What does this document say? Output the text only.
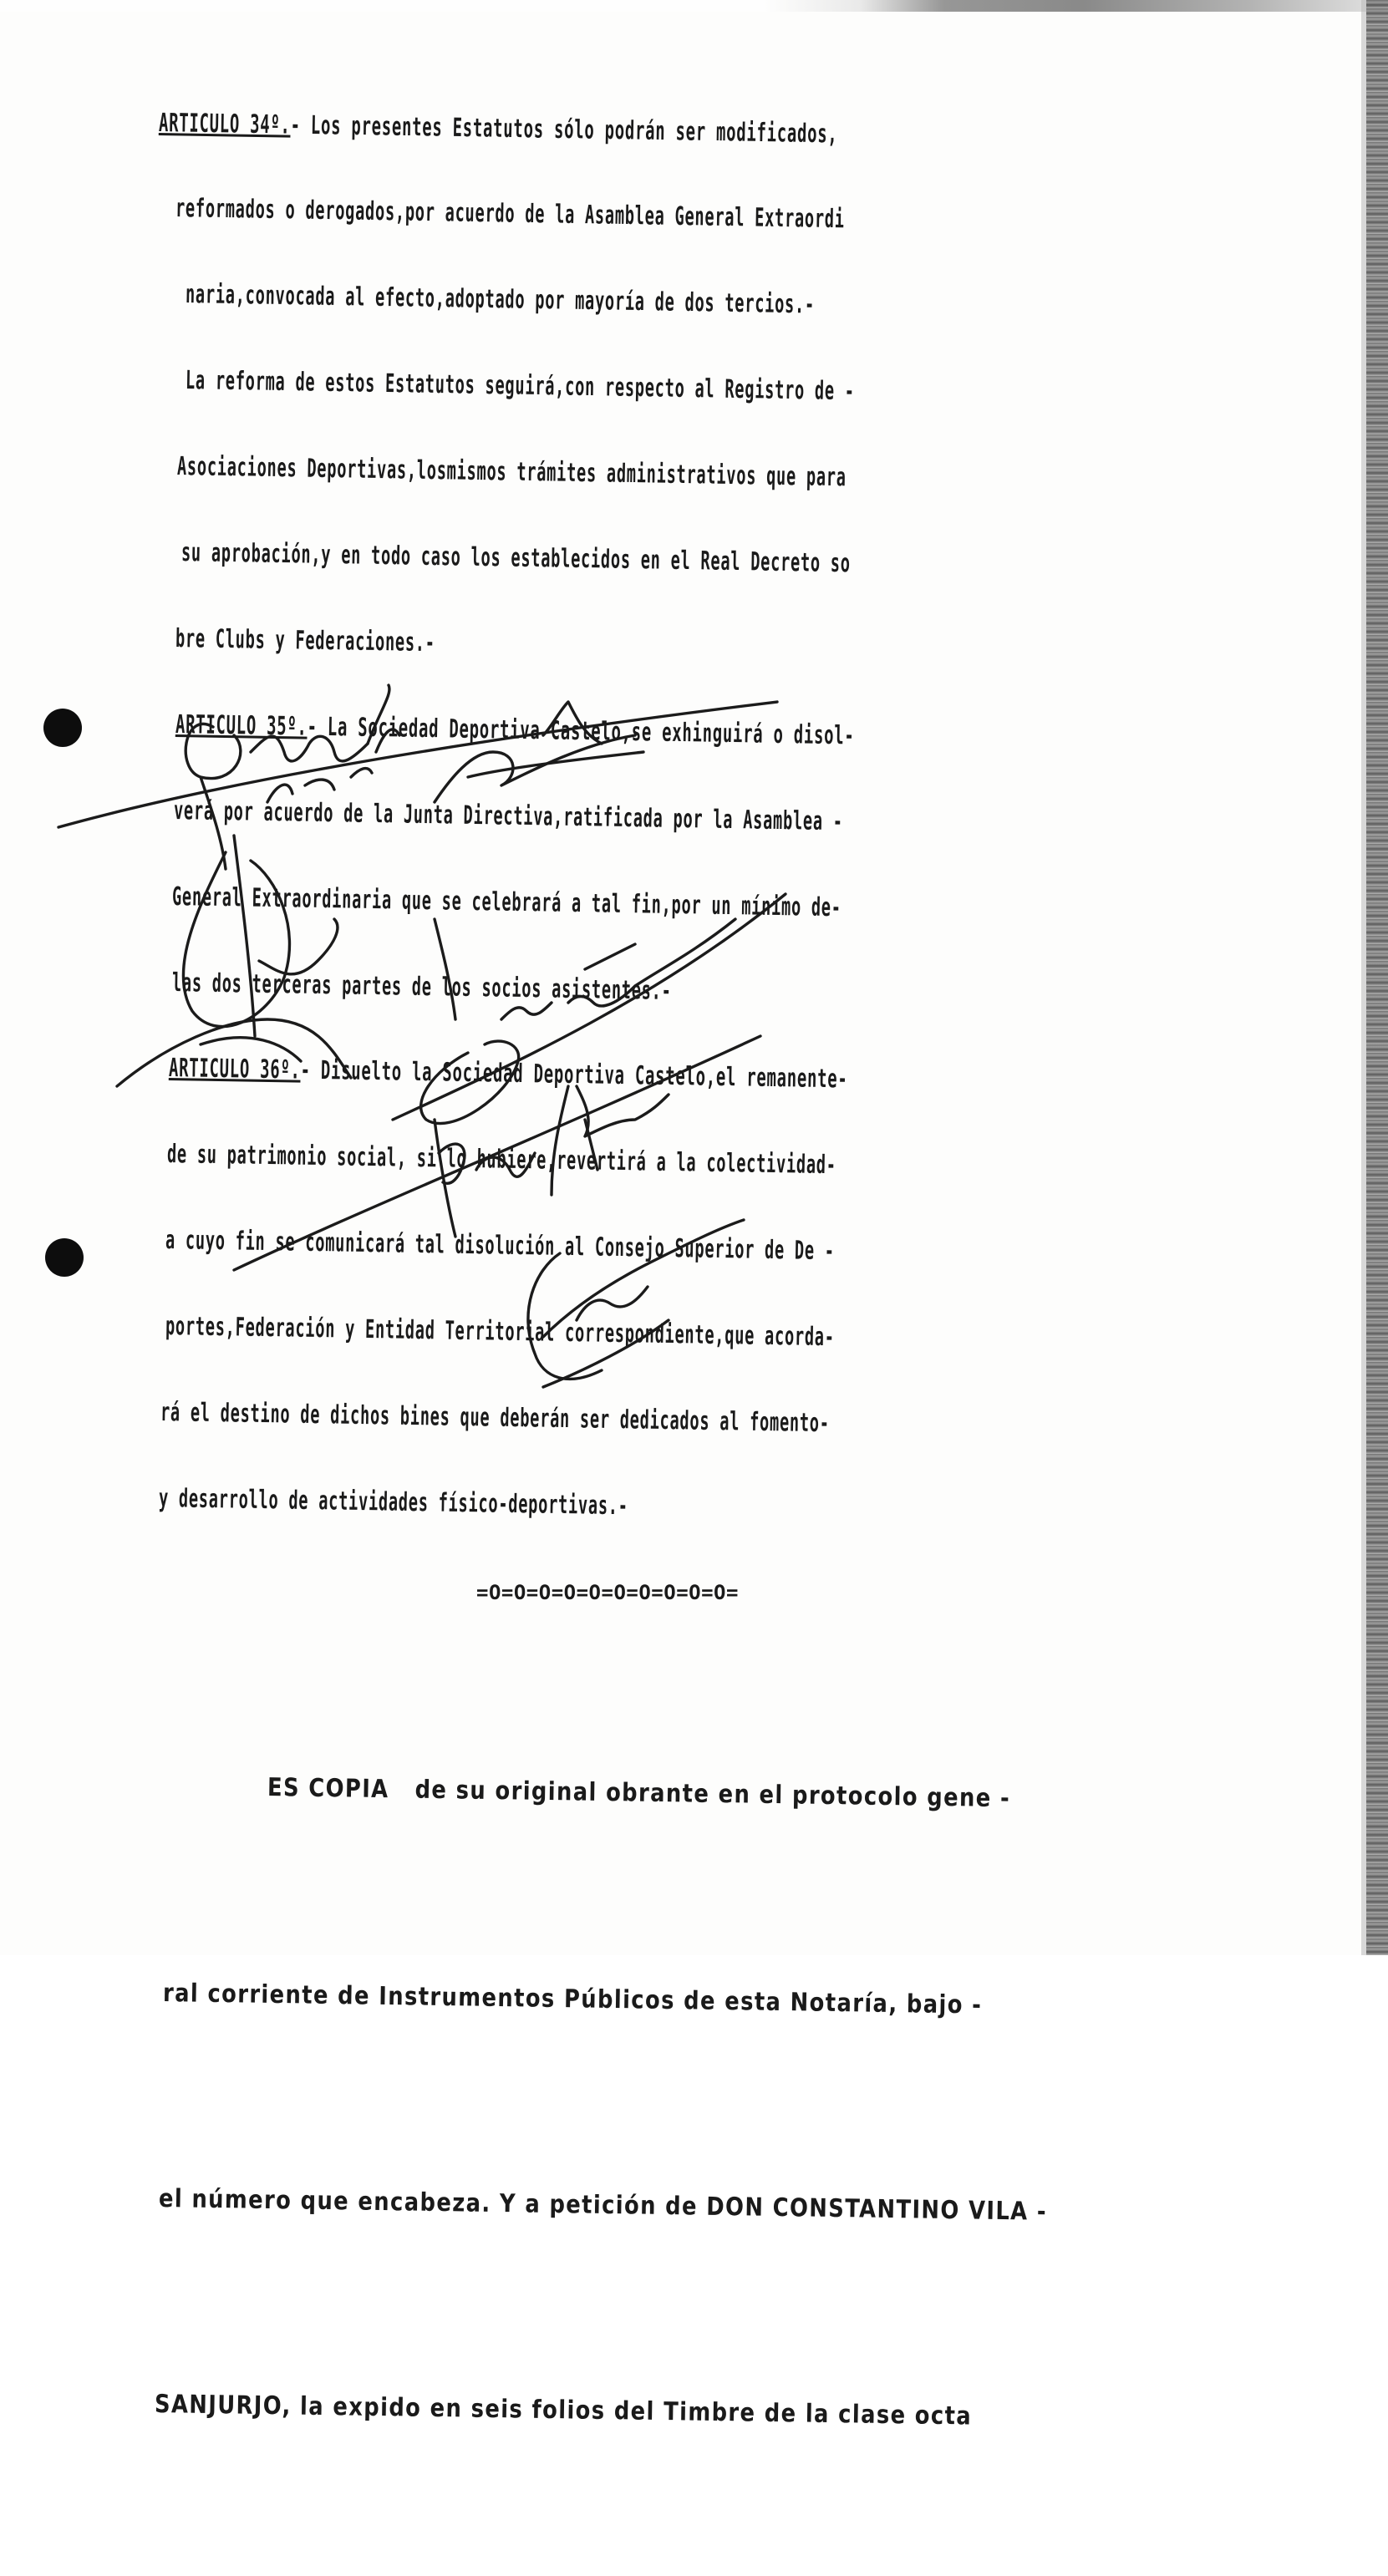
ARTICULO 34º.- Los presentes Estatutos sólo podrán ser modificados,

reformados o derogados,por acuerdo de la Asamblea General Extraordi

naria,convocada al efecto,adoptado por mayoría de dos tercios.-

La reforma de estos Estatutos seguirá,con respecto al Registro de -

Asociaciones Deportivas,losmismos trámites administrativos que para

su aprobación,y en todo caso los establecidos en el Real Decreto so

bre Clubs y Federaciones.-

ARTICULO 35º.- La Sociedad Deportiva Castelo,se exhinguirá o disol-

verá por acuerdo de la Junta Directiva,ratificada por la Asamblea -

General Extraordinaria que se celebrará a tal fin,por un mínimo de-

las dos terceras partes de los socios asistentes.-

ARTICULO 36º.- Disuelto la Sociedad Deportiva Castelo,el remanente-

de su patrimonio social, si lo hubiere,revertirá a la colectividad-

a cuyo fin se comunicará tal disolución al Consejo Superior de De -

portes,Federación y Entidad Territorial correspondiente,que acorda-

rá el destino de dichos bines que deberán ser dedicados al fomento-

y desarrollo de actividades físico-deportivas.-

=O=O=O=O=O=O=O=O=O=O=

ES COPIA de su original obrante en el protocolo gene -

ral corriente de Instrumentos Públicos de esta Notaría, bajo -

el número que encabeza. Y a petición de DON CONSTANTINO VILA -

SANJURJO, la expido en seis folios del Timbre de la clase octa
